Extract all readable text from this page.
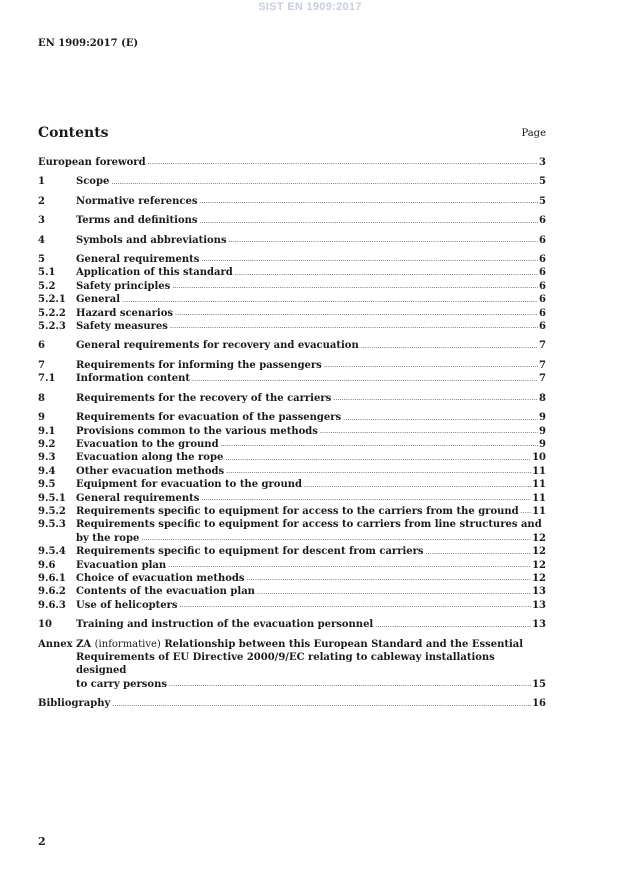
SIST EN 1909:2017
EN 1909:2017 (E)
Contents	Page
European foreword .....	3
1	Scope .....	5
2	Normative references .....	5
3	Terms and definitions .....	6
4	Symbols and abbreviations .....	6
5	General requirements .....	6
5.1	Application of this standard .....	6
5.2	Safety principles .....	6
5.2.1	General .....	6
5.2.2	Hazard scenarios .....	6
5.2.3	Safety measures .....	6
6	General requirements for recovery and evacuation .....	7
7	Requirements for informing the passengers .....	7
7.1	Information content .....	7
8	Requirements for the recovery of the carriers .....	8
9	Requirements for evacuation of the passengers .....	9
9.1	Provisions common to the various methods .....	9
9.2	Evacuation to the ground .....	9
9.3	Evacuation along the rope .....	10
9.4	Other evacuation methods .....	11
9.5	Equipment for evacuation to the ground .....	11
9.5.1	General requirements .....	11
9.5.2	Requirements specific to equipment for access to the carriers from the ground ..... 11
9.5.3	Requirements specific to equipment for access to carriers from line structures and
by the rope .....	12
9.5.4	Requirements specific to equipment for descent from carriers .....	12
9.6	Evacuation plan .....	12
9.6.1	Choice of evacuation methods .....	12
9.6.2	Contents of the evacuation plan .....	13
9.6.3	Use of helicopters .....	13
10	Training and instruction of the evacuation personnel .....	13
Annex ZA (informative) Relationship between this European Standard and the Essential
Requirements of EU Directive 2000/9/EC relating to cableway installations designed
to carry persons .....	15
Bibliography .....	16
2
